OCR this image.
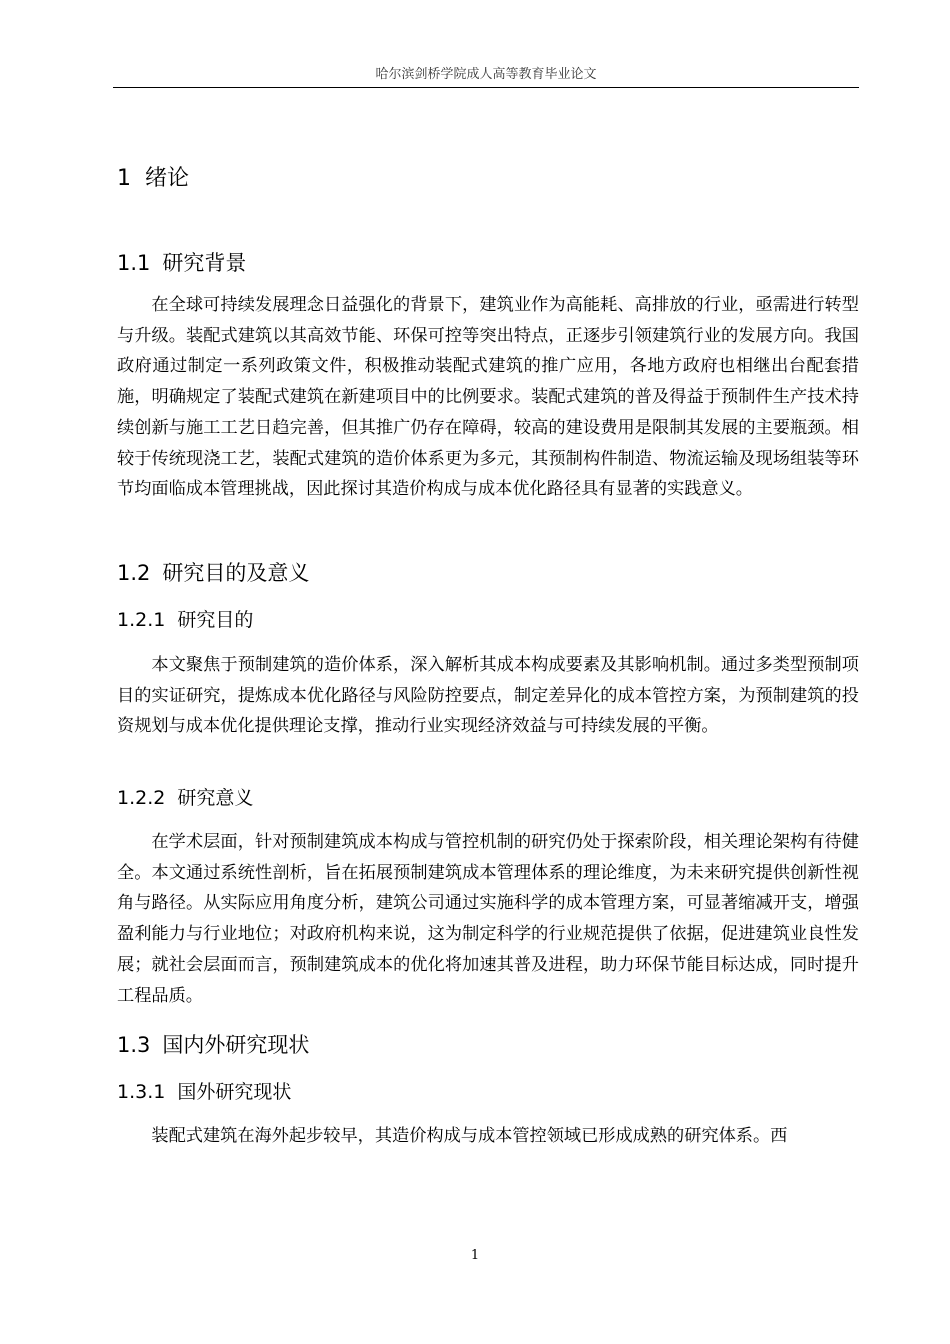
哈尔滨剑桥学院成人高等教育毕业论文
1 绪论
1.1 研究背景

在全球可持续发展理念日益强化的背景下，建筑业作为高能耗、高排放的行业，亟需进行转型与升级。装配式建筑以其高效节能、环保可控等突出特点，正逐步引领建筑行业的发展方向。我国政府通过制定一系列政策文件，积极推动装配式建筑的推广应用，各地方政府也相继出台配套措施，明确规定了装配式建筑在新建项目中的比例要求。装配式建筑的普及得益于预制件生产技术持续创新与施工工艺日趋完善，但其推广仍存在障碍，较高的建设费用是限制其发展的主要瓶颈。相较于传统现浇工艺，装配式建筑的造价体系更为多元，其预制构件制造、物流运输及现场组装等环节均面临成本管理挑战，因此探讨其造价构成与成本优化路径具有显著的实践意义。

1.2 研究目的及意义
1.2.1 研究目的

本文聚焦于预制建筑的造价体系，深入解析其成本构成要素及其影响机制。通过多类型预制项目的实证研究，提炼成本优化路径与风险防控要点，制定差异化的成本管控方案，为预制建筑的投资规划与成本优化提供理论支撑，推动行业实现经济效益与可持续发展的平衡。

1.2.2 研究意义

在学术层面，针对预制建筑成本构成与管控机制的研究仍处于探索阶段，相关理论架构有待健全。本文通过系统性剖析，旨在拓展预制建筑成本管理体系的理论维度，为未来研究提供创新性视角与路径。从实际应用角度分析，建筑公司通过实施科学的成本管理方案，可显著缩减开支，增强盈利能力与行业地位；对政府机构来说，这为制定科学的行业规范提供了依据，促进建筑业良性发展；就社会层面而言，预制建筑成本的优化将加速其普及进程，助力环保节能目标达成，同时提升工程品质。

1.3 国内外研究现状
1.3.1 国外研究现状

装配式建筑在海外起步较早，其造价构成与成本管控领域已形成成熟的研究体系。西

1
